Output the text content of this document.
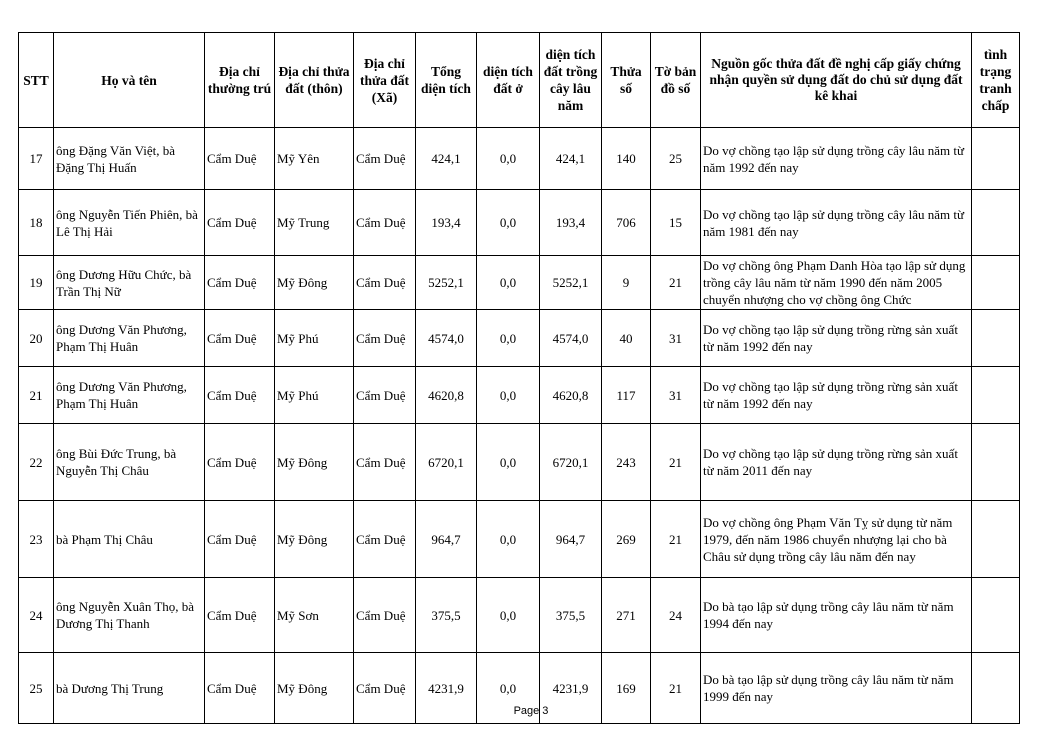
STT	Họ và tên	Địa chỉ thường trú	Địa chỉ thửa đất (thôn)	Địa chỉ thửa đất (Xã)	Tổng diện tích	diện tích đất ở	diện tích đất trồng cây lâu năm	Thửa số	Tờ bản đồ số	Nguồn gốc thửa đất đề nghị cấp giấy chứng nhận quyền sử dụng đất do chủ sử dụng đất kê khai	tình trạng tranh chấp
17	ông Đặng Văn Việt, bà Đặng Thị Huấn	Cẩm Duệ	Mỹ Yên	Cẩm Duệ	424,1	0,0	424,1	140	25	Do vợ chồng tạo lập sử dụng trồng cây lâu năm từ năm 1992 đến nay	
18	ông Nguyễn Tiến Phiên, bà Lê Thị Hải	Cẩm Duệ	Mỹ Trung	Cẩm Duệ	193,4	0,0	193,4	706	15	Do vợ chồng tạo lập sử dụng trồng cây lâu năm từ năm 1981 đến nay	
19	ông Dương Hữu Chức, bà Trần Thị Nữ	Cẩm Duệ	Mỹ Đông	Cẩm Duệ	5252,1	0,0	5252,1	9	21	Do vợ chồng ông Phạm Danh Hòa tạo lập sử dụng trồng cây lâu năm từ năm 1990 đến năm 2005 chuyển nhượng cho vợ chồng ông Chức	
20	ông Dương Văn Phương, Phạm Thị Huân	Cẩm Duệ	Mỹ Phú	Cẩm Duệ	4574,0	0,0	4574,0	40	31	Do vợ chồng tạo lập sử dụng trồng rừng sản xuất từ năm 1992 đến nay	
21	ông Dương Văn Phương, Phạm Thị Huân	Cẩm Duệ	Mỹ Phú	Cẩm Duệ	4620,8	0,0	4620,8	117	31	Do vợ chồng tạo lập sử dụng trồng rừng sản xuất từ năm 1992 đến nay	
22	ông Bùi Đức Trung, bà Nguyễn Thị Châu	Cẩm Duệ	Mỹ Đông	Cẩm Duệ	6720,1	0,0	6720,1	243	21	Do vợ chồng tạo lập sử dụng trồng rừng sản xuất từ năm 2011 đến nay	
23	bà Phạm Thị Châu	Cẩm Duệ	Mỹ Đông	Cẩm Duệ	964,7	0,0	964,7	269	21	Do vợ chồng ông Phạm Văn Tỵ sử dụng từ năm 1979, đến năm 1986 chuyển nhượng lại cho bà Châu sử dụng trồng cây lâu năm đến nay	
24	ông Nguyễn Xuân Thọ, bà Dương Thị Thanh	Cẩm Duệ	Mỹ Sơn	Cẩm Duệ	375,5	0,0	375,5	271	24	Do bà tạo lập sử dụng trồng cây lâu năm từ năm 1994 đến nay	
25	bà Dương Thị Trung	Cẩm Duệ	Mỹ Đông	Cẩm Duệ	4231,9	0,0	4231,9	169	21	Do bà tạo lập sử dụng trồng cây lâu năm từ năm 1999 đến nay	
Page 3
